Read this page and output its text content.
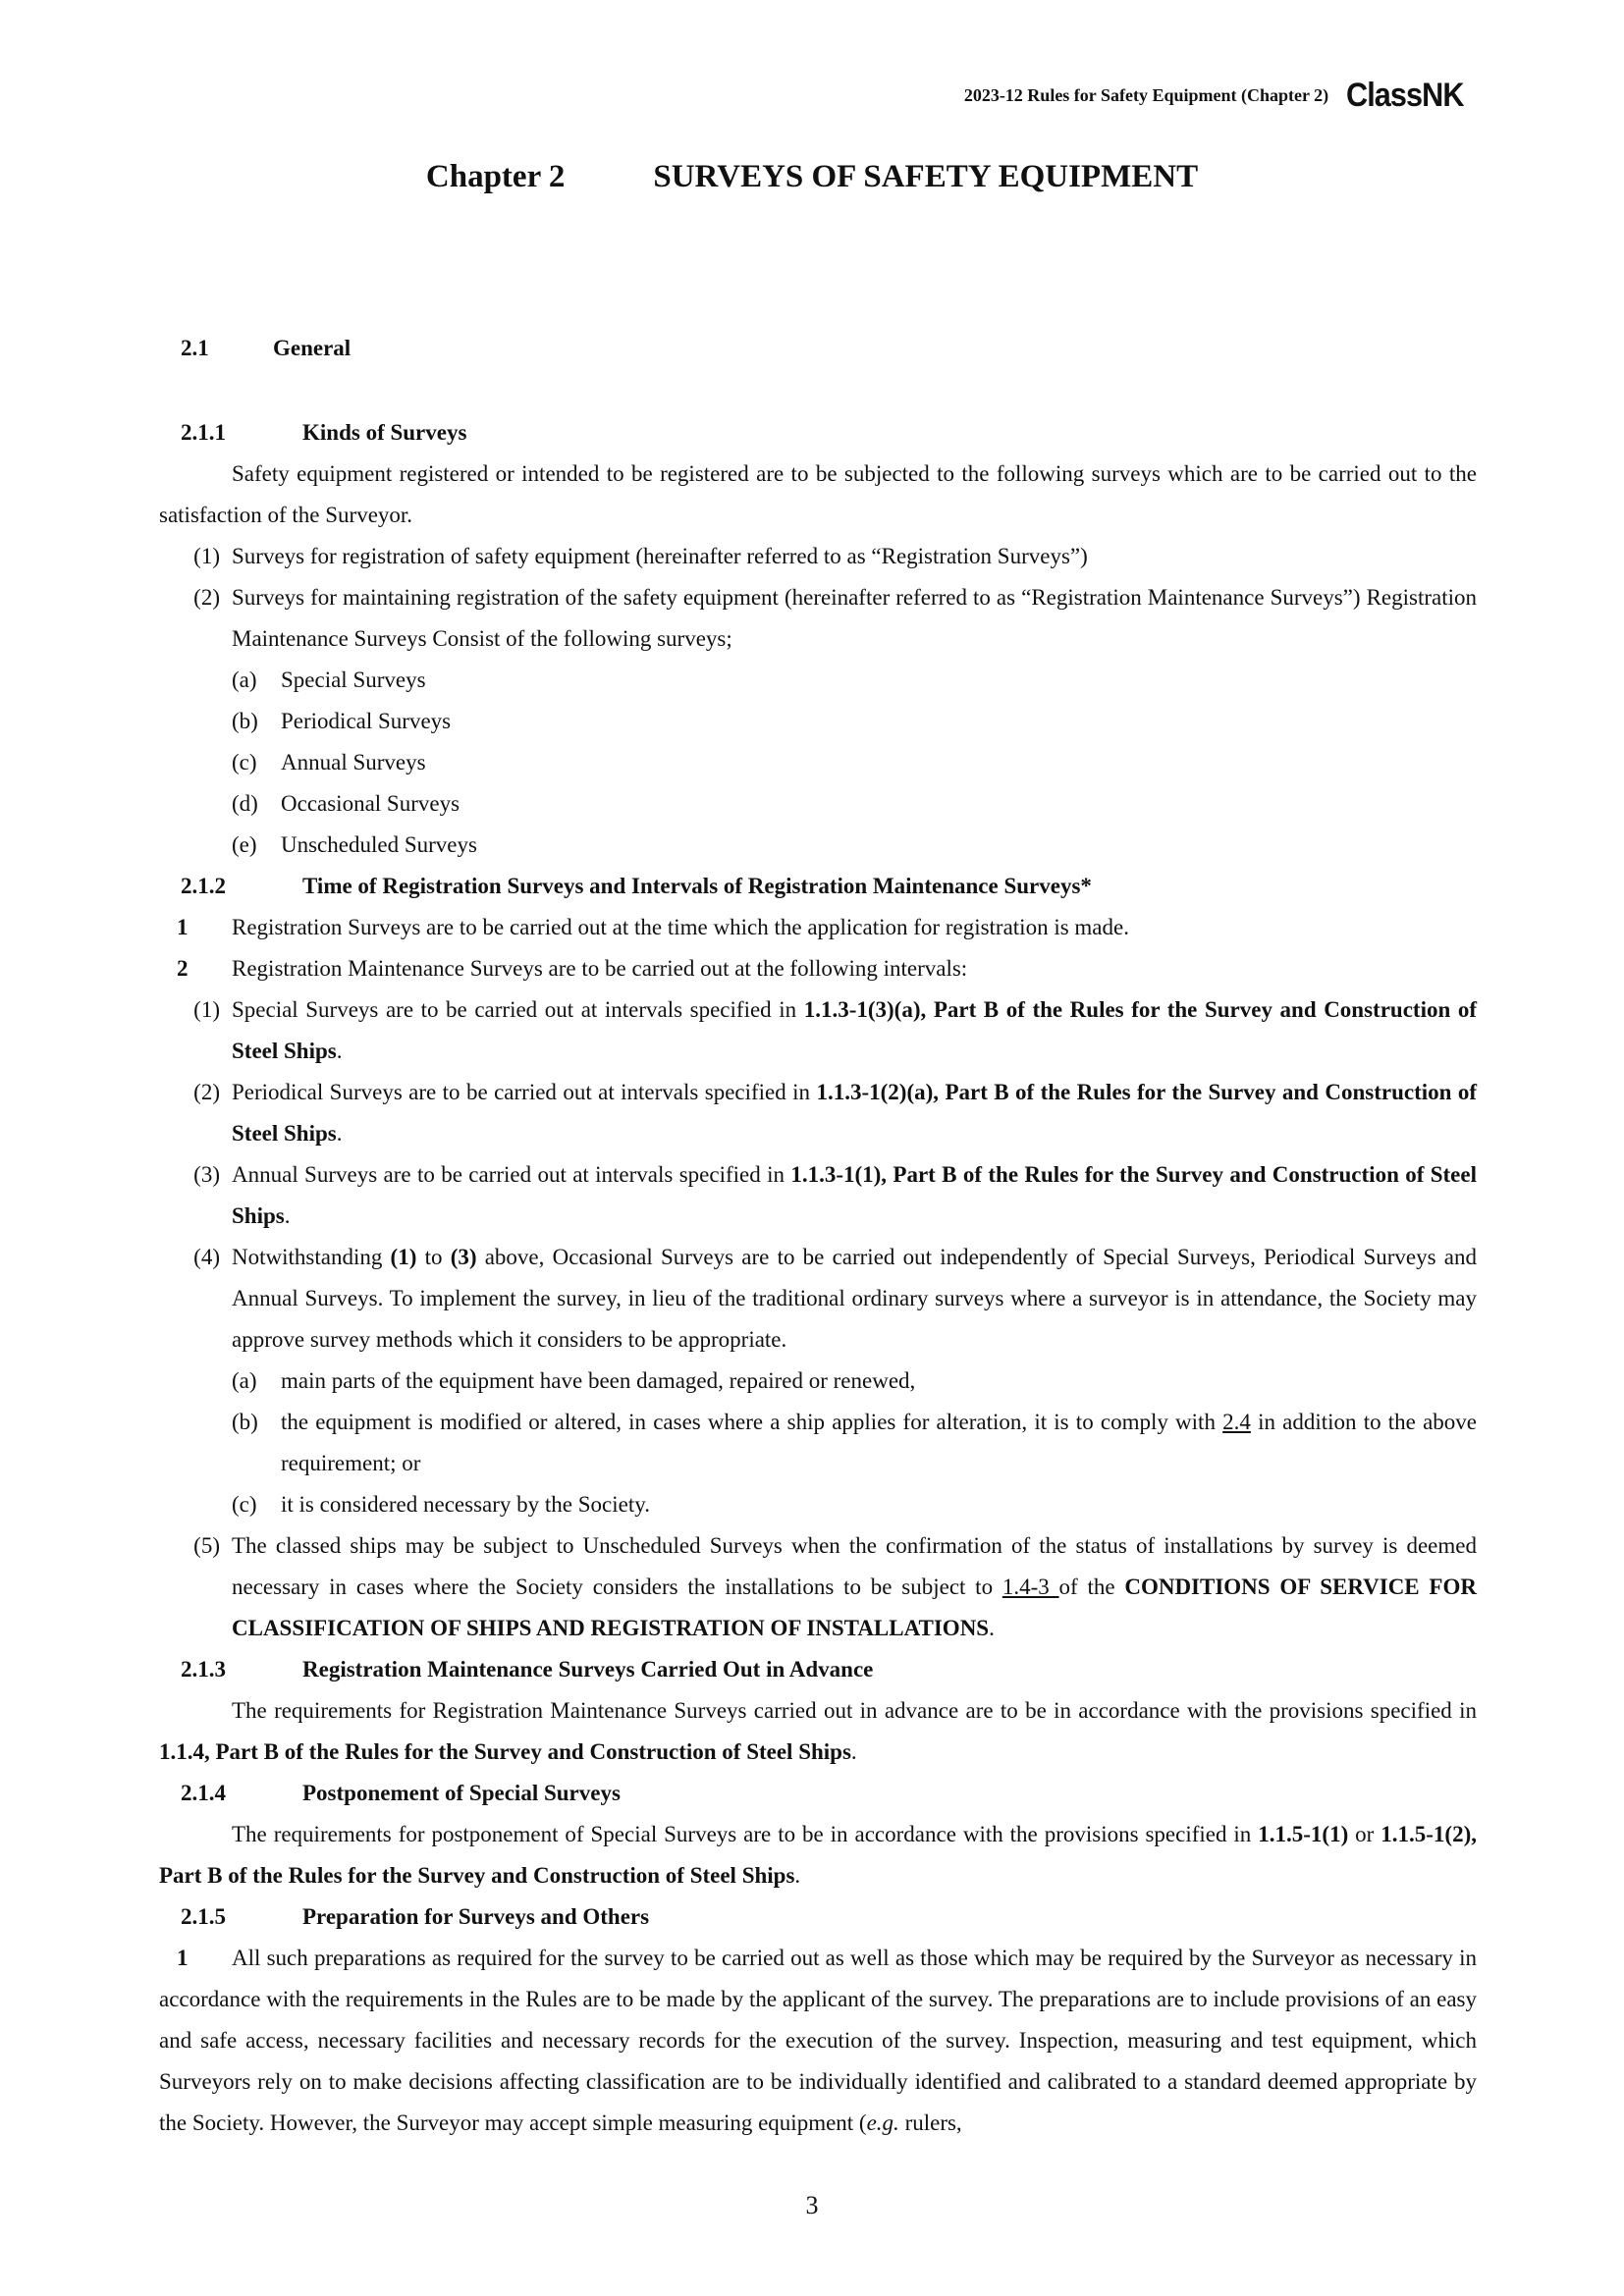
2023-12 Rules for Safety Equipment (Chapter 2) ClassNK
Chapter 2	SURVEYS OF SAFETY EQUIPMENT
2.1	General
2.1.1	Kinds of Surveys
Safety equipment registered or intended to be registered are to be subjected to the following surveys which are to be carried out to the satisfaction of the Surveyor.
(1) Surveys for registration of safety equipment (hereinafter referred to as “Registration Surveys”)
(2) Surveys for maintaining registration of the safety equipment (hereinafter referred to as “Registration Maintenance Surveys”) Registration Maintenance Surveys Consist of the following surveys;
(a)	Special Surveys
(b)	Periodical Surveys
(c)	Annual Surveys
(d)	Occasional Surveys
(e)	Unscheduled Surveys
2.1.2	Time of Registration Surveys and Intervals of Registration Maintenance Surveys*
1	Registration Surveys are to be carried out at the time which the application for registration is made.
2	Registration Maintenance Surveys are to be carried out at the following intervals:
(1) Special Surveys are to be carried out at intervals specified in 1.1.3-1(3)(a), Part B of the Rules for the Survey and Construction of Steel Ships.
(2) Periodical Surveys are to be carried out at intervals specified in 1.1.3-1(2)(a), Part B of the Rules for the Survey and Construction of Steel Ships.
(3) Annual Surveys are to be carried out at intervals specified in 1.1.3-1(1), Part B of the Rules for the Survey and Construction of Steel Ships.
(4) Notwithstanding (1) to (3) above, Occasional Surveys are to be carried out independently of Special Surveys, Periodical Surveys and Annual Surveys. To implement the survey, in lieu of the traditional ordinary surveys where a surveyor is in attendance, the Society may approve survey methods which it considers to be appropriate.
(a)	main parts of the equipment have been damaged, repaired or renewed,
(b)	the equipment is modified or altered, in cases where a ship applies for alteration, it is to comply with 2.4 in addition to the above requirement; or
(c)	it is considered necessary by the Society.
(5) The classed ships may be subject to Unscheduled Surveys when the confirmation of the status of installations by survey is deemed necessary in cases where the Society considers the installations to be subject to 1.4-3 of the CONDITIONS OF SERVICE FOR CLASSIFICATION OF SHIPS AND REGISTRATION OF INSTALLATIONS.
2.1.3	Registration Maintenance Surveys Carried Out in Advance
The requirements for Registration Maintenance Surveys carried out in advance are to be in accordance with the provisions specified in 1.1.4, Part B of the Rules for the Survey and Construction of Steel Ships.
2.1.4	Postponement of Special Surveys
The requirements for postponement of Special Surveys are to be in accordance with the provisions specified in 1.1.5-1(1) or 1.1.5-1(2), Part B of the Rules for the Survey and Construction of Steel Ships.
2.1.5	Preparation for Surveys and Others
1 All such preparations as required for the survey to be carried out as well as those which may be required by the Surveyor as necessary in accordance with the requirements in the Rules are to be made by the applicant of the survey. The preparations are to include provisions of an easy and safe access, necessary facilities and necessary records for the execution of the survey. Inspection, measuring and test equipment, which Surveyors rely on to make decisions affecting classification are to be individually identified and calibrated to a standard deemed appropriate by the Society. However, the Surveyor may accept simple measuring equipment (e.g. rulers,
3
